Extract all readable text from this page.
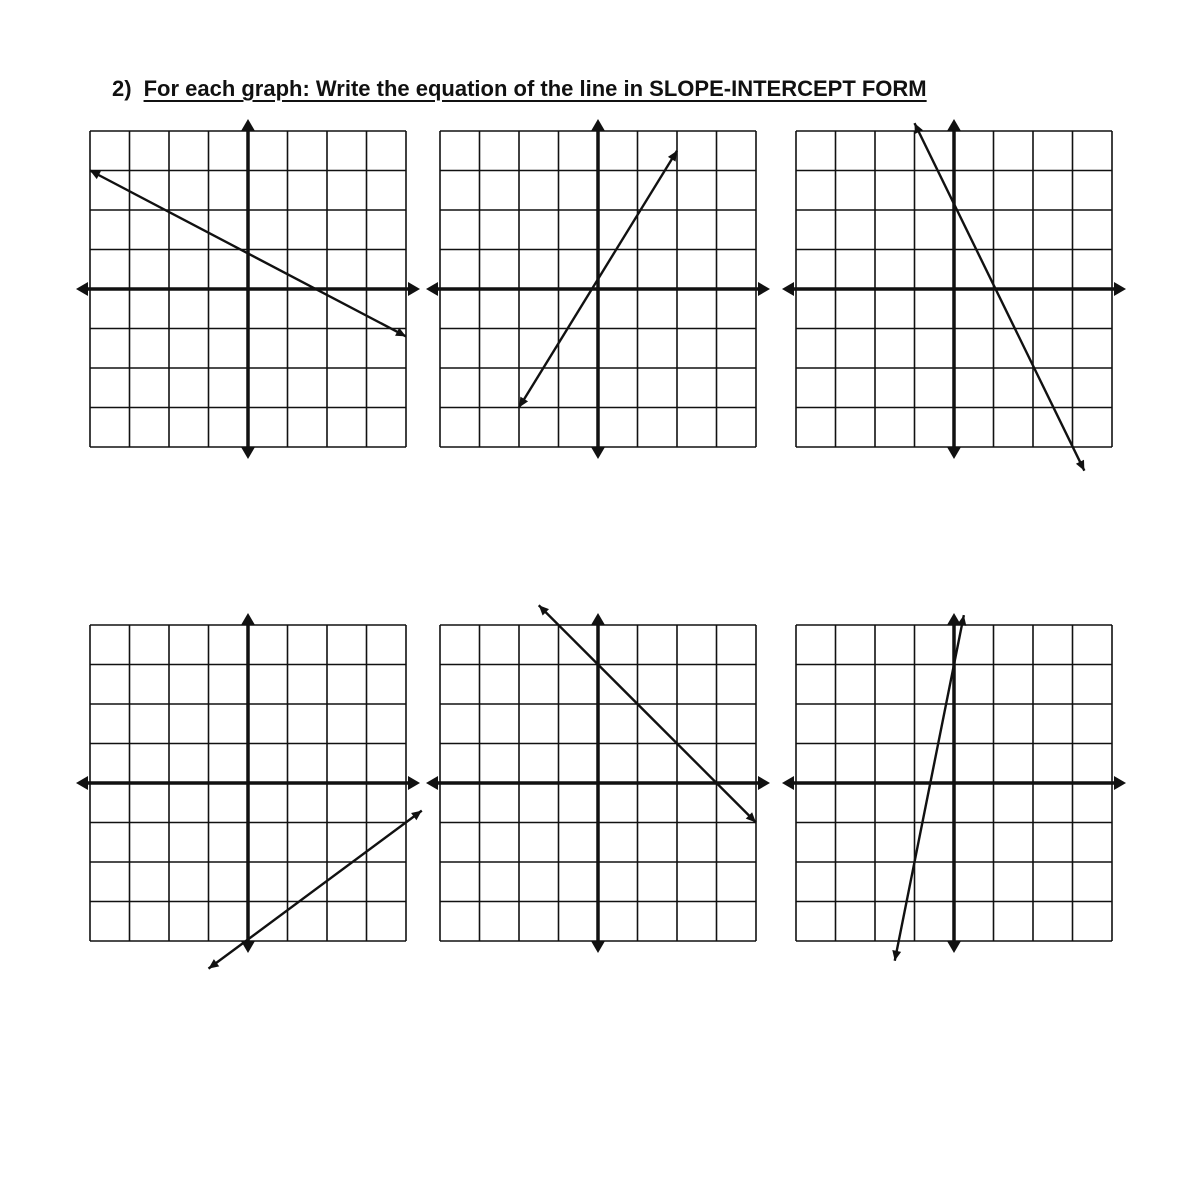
2) For each graph: Write the equation of the line in SLOPE-INTERCEPT FORM
